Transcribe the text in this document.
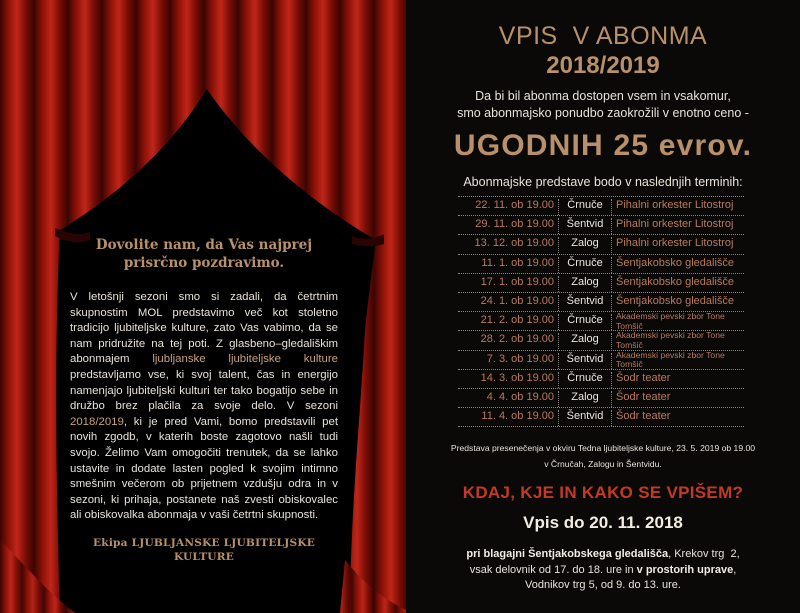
Dovolite nam, da Vas najprej
prisrčno pozdravimo.

V letošnji sezoni smo si zadali, da četrtnim skupnostim MOL predstavimo več kot stoletno tradicijo ljubiteljske kulture, zato Vas vabimo, da se nam pridružite na tej poti. Z glasbeno–gledališkim abonmajem ljubljanske ljubiteljske kulture predstavljamo vse, ki svoj talent, čas in energijo namenjajo ljubiteljski kulturi ter tako bogatijo sebe in družbo brez plačila za svoje delo. V sezoni 2018/2019, ki je pred Vami, bomo predstavili pet novih zgodb, v katerih boste zagotovo našli tudi svojo. Želimo Vam omogočiti trenutek, da se lahko ustavite in dodate lasten pogled k svojim intimno smešnim večerom ob prijetnem vzdušju odra in v sezoni, ki prihaja, postanete naš zvesti obiskovalec ali obiskovalka abonmaja v vaši četrtni skupnosti.

Ekipa LJUBLJANSKE LJUBITELJSKE
KULTURE
VPIS  V ABONMA
2018/2019
Da bi bil abonma dostopen vsem in vsakomur,
smo abonmajsko ponudbo zaokrožili v enotno ceno -
UGODNIH 25 evrov.
Abonmajske predstave bodo v naslednjih terminih:
22. 11. ob 19.00	Črnuče	Pihalni orkester Litostroj
29. 11. ob 19.00	Šentvid	Pihalni orkester Litostroj
13. 12. ob 19.00	Zalog	Pihalni orkester Litostroj
11. 1. ob 19.00	Črnuče	Šentjakobsko gledališče
17. 1. ob 19.00	Zalog	Šentjakobsko gledališče
24. 1. ob 19.00	Šentvid	Šentjakobsko gledališče
21. 2. ob 19.00	Črnuče	Akademski pevski zbor Tone
Tomšič
28. 2. ob 19.00	Zalog	Akademski pevski zbor Tone
Tomšič
7. 3. ob 19.00	Šentvid	Akademski pevski zbor Tone
Tomšič
14. 3. ob 19.00	Črnuče	Šodr teater
4. 4. ob 19.00	Zalog	Šodr teater
11. 4. ob 19.00	Šentvid	Šodr teater
Predstava presenečenja v okviru Tedna ljubiteljske kulture, 23. 5. 2019 ob 19.00
v Črnučah, Zalogu in Šentvidu.
KDAJ, KJE IN KAKO SE VPIŠEM?
Vpis do 20. 11. 2018
pri blagajni Šentjakobskega gledališča, Krekov trg  2,
vsak delovnik od 17. do 18. ure in v prostorih uprave,
Vodnikov trg 5, od 9. do 13. ure.
